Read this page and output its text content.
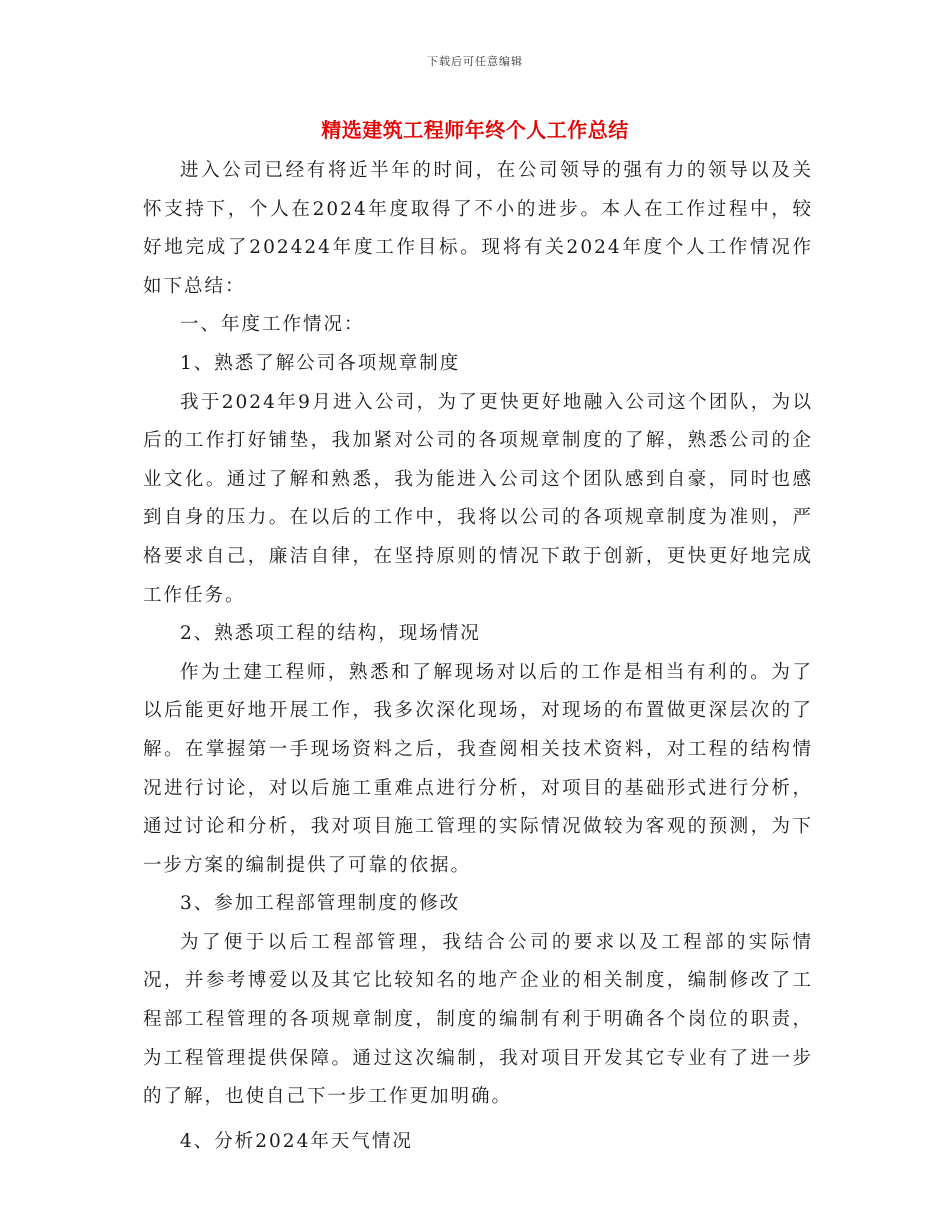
下载后可任意编辑
精选建筑工程师年终个人工作总结

进入公司已经有将近半年的时间，在公司领导的强有力的领导以及关怀支持下，个人在2024年度取得了不小的进步。本人在工作过程中，较好地完成了202424年度工作目标。现将有关2024年度个人工作情况作如下总结：

一、年度工作情况：

1、熟悉了解公司各项规章制度

我于2024年9月进入公司，为了更快更好地融入公司这个团队，为以后的工作打好铺垫，我加紧对公司的各项规章制度的了解，熟悉公司的企业文化。通过了解和熟悉，我为能进入公司这个团队感到自豪，同时也感到自身的压力。在以后的工作中，我将以公司的各项规章制度为准则，严格要求自己，廉洁自律，在坚持原则的情况下敢于创新，更快更好地完成工作任务。

2、熟悉项工程的结构，现场情况

作为土建工程师，熟悉和了解现场对以后的工作是相当有利的。为了以后能更好地开展工作，我多次深化现场，对现场的布置做更深层次的了解。在掌握第一手现场资料之后，我查阅相关技术资料，对工程的结构情况进行讨论，对以后施工重难点进行分析，对项目的基础形式进行分析，通过讨论和分析，我对项目施工管理的实际情况做较为客观的预测，为下一步方案的编制提供了可靠的依据。

3、参加工程部管理制度的修改

为了便于以后工程部管理，我结合公司的要求以及工程部的实际情况，并参考博爱以及其它比较知名的地产企业的相关制度，编制修改了工程部工程管理的各项规章制度，制度的编制有利于明确各个岗位的职责，为工程管理提供保障。通过这次编制，我对项目开发其它专业有了进一步的了解，也使自己下一步工作更加明确。

4、分析2024年天气情况
